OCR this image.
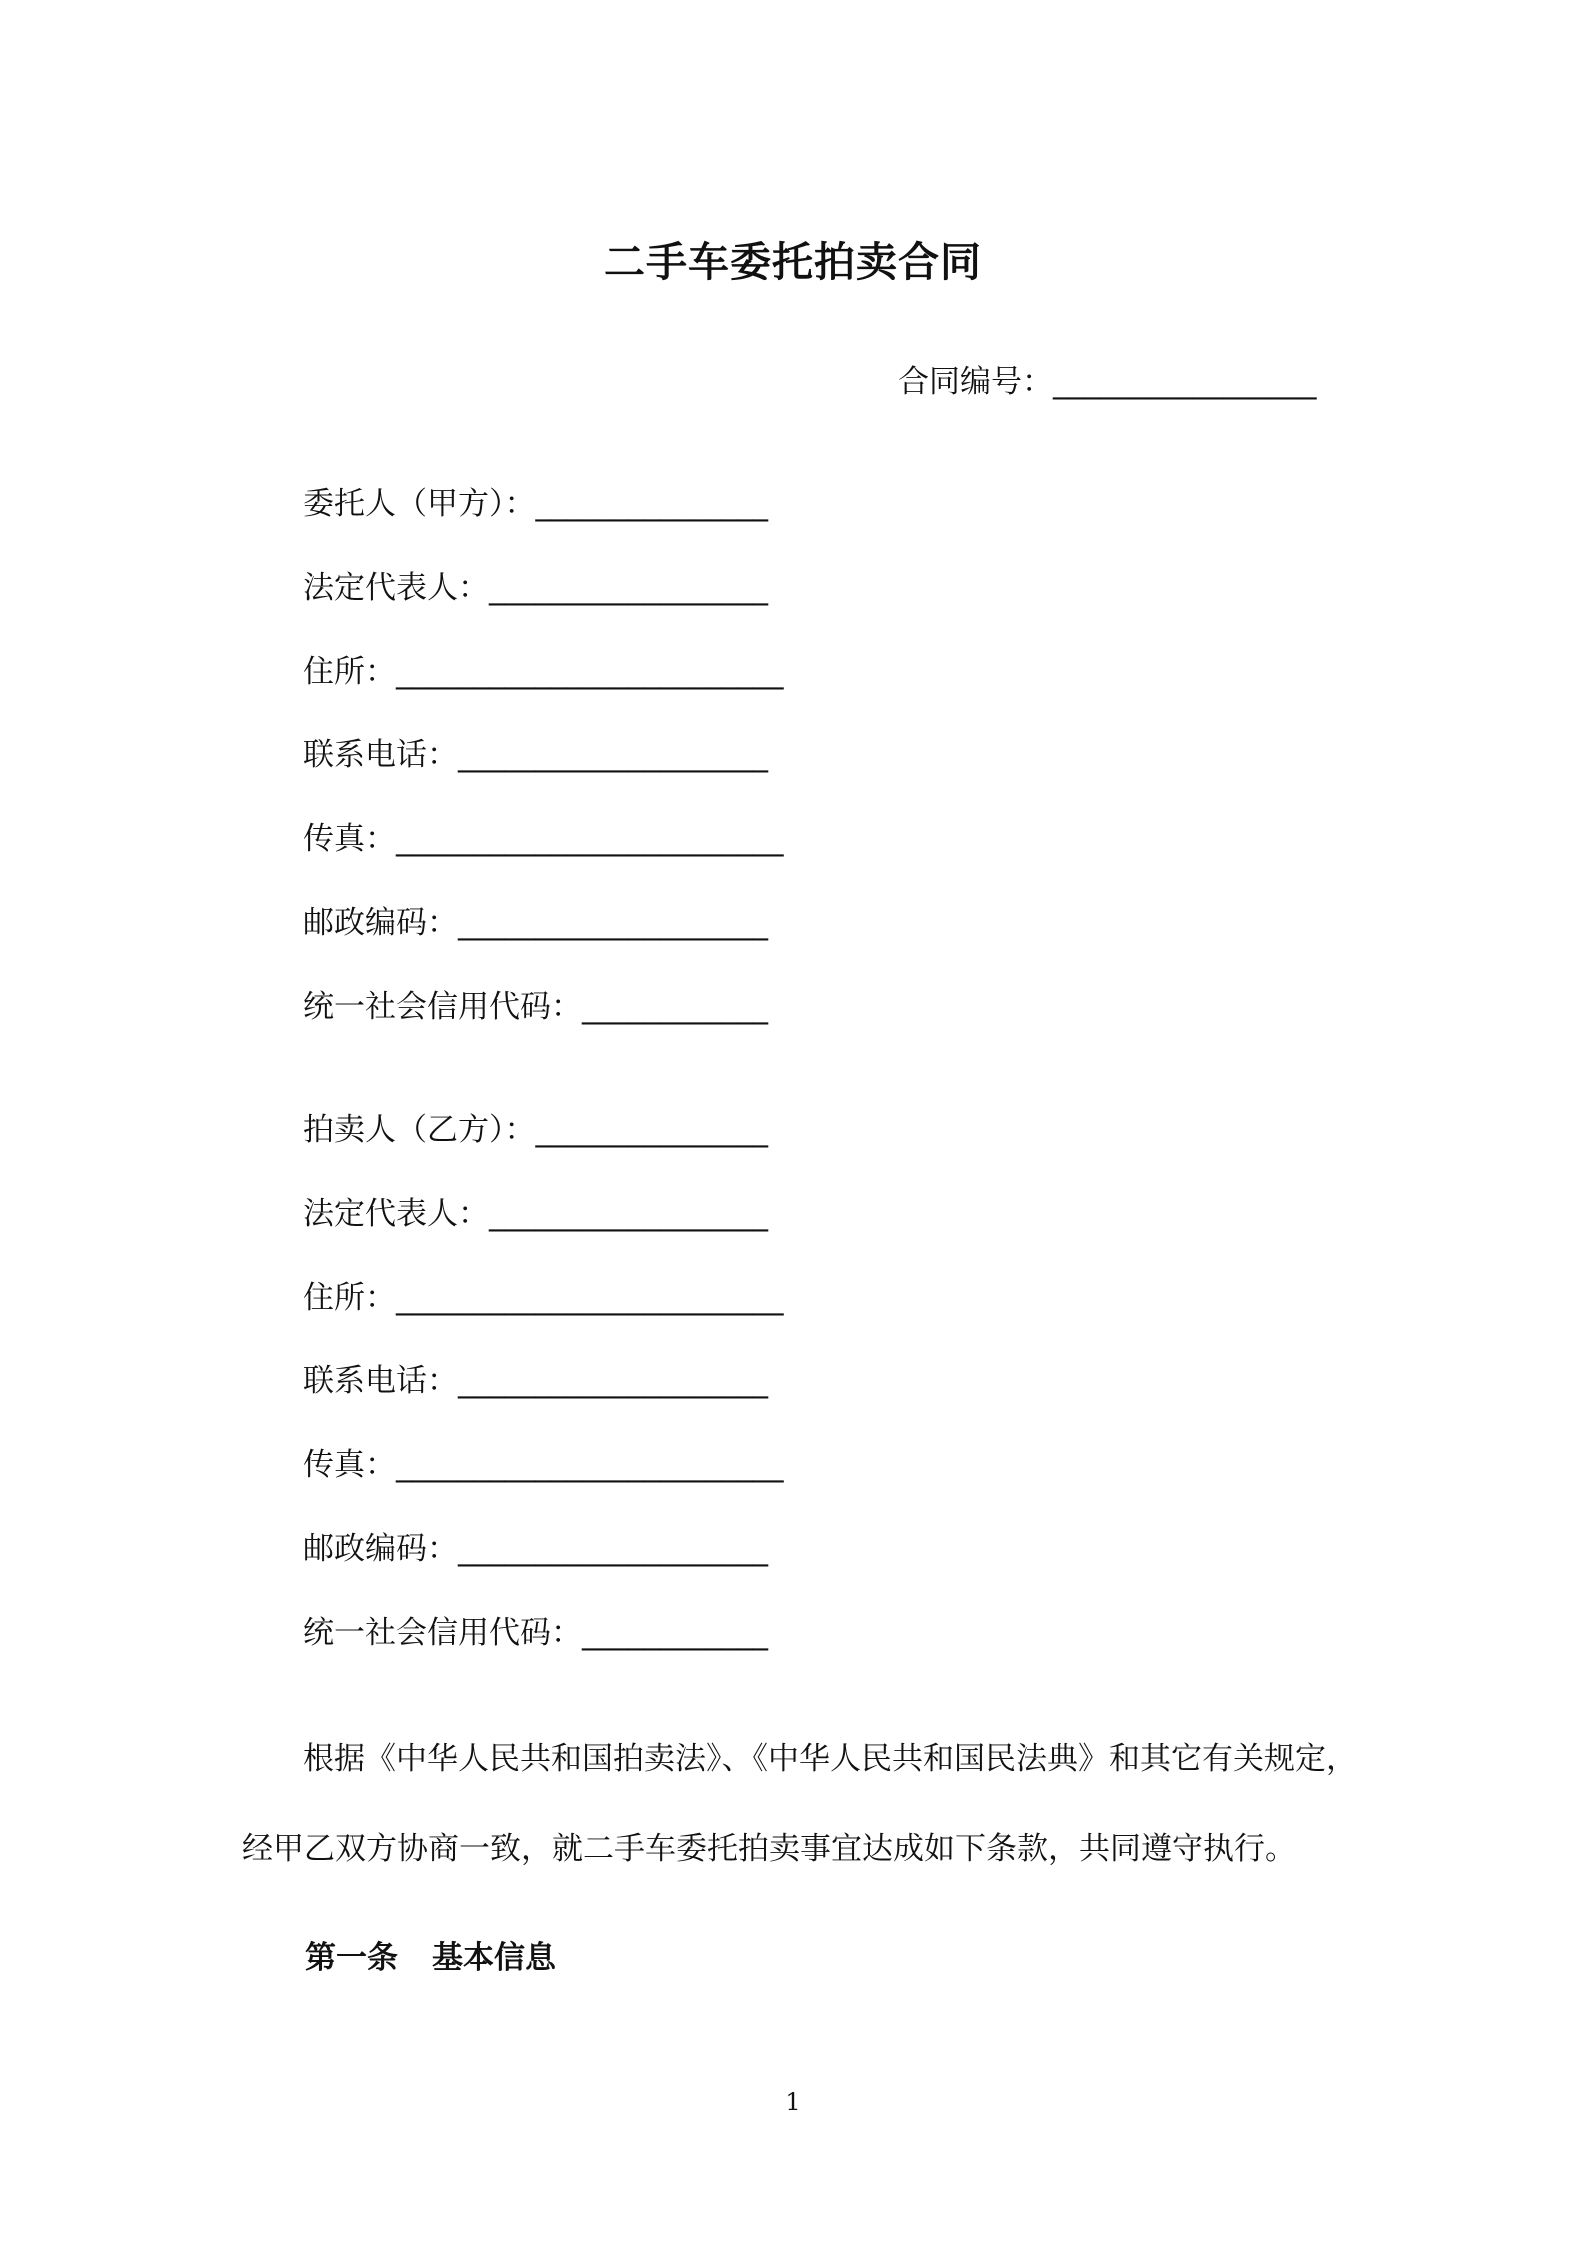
二手车委托拍卖合同
合同编号：_________________
委托人（甲方）：_______________
法定代表人：__________________
住所：_________________________
联系电话：____________________
传真：_________________________
邮政编码：____________________
统一社会信用代码：____________
拍卖人（乙方）：_______________
法定代表人：__________________
住所：_________________________
联系电话：____________________
传真：_________________________
邮政编码：____________________
统一社会信用代码：____________
根据《中华人民共和国拍卖法》、《中华人民共和国民法典》和其它有关规定，
经甲乙双方协商一致，就二手车委托拍卖事宜达成如下条款，共同遵守执行。
第一条 基本信息
1
